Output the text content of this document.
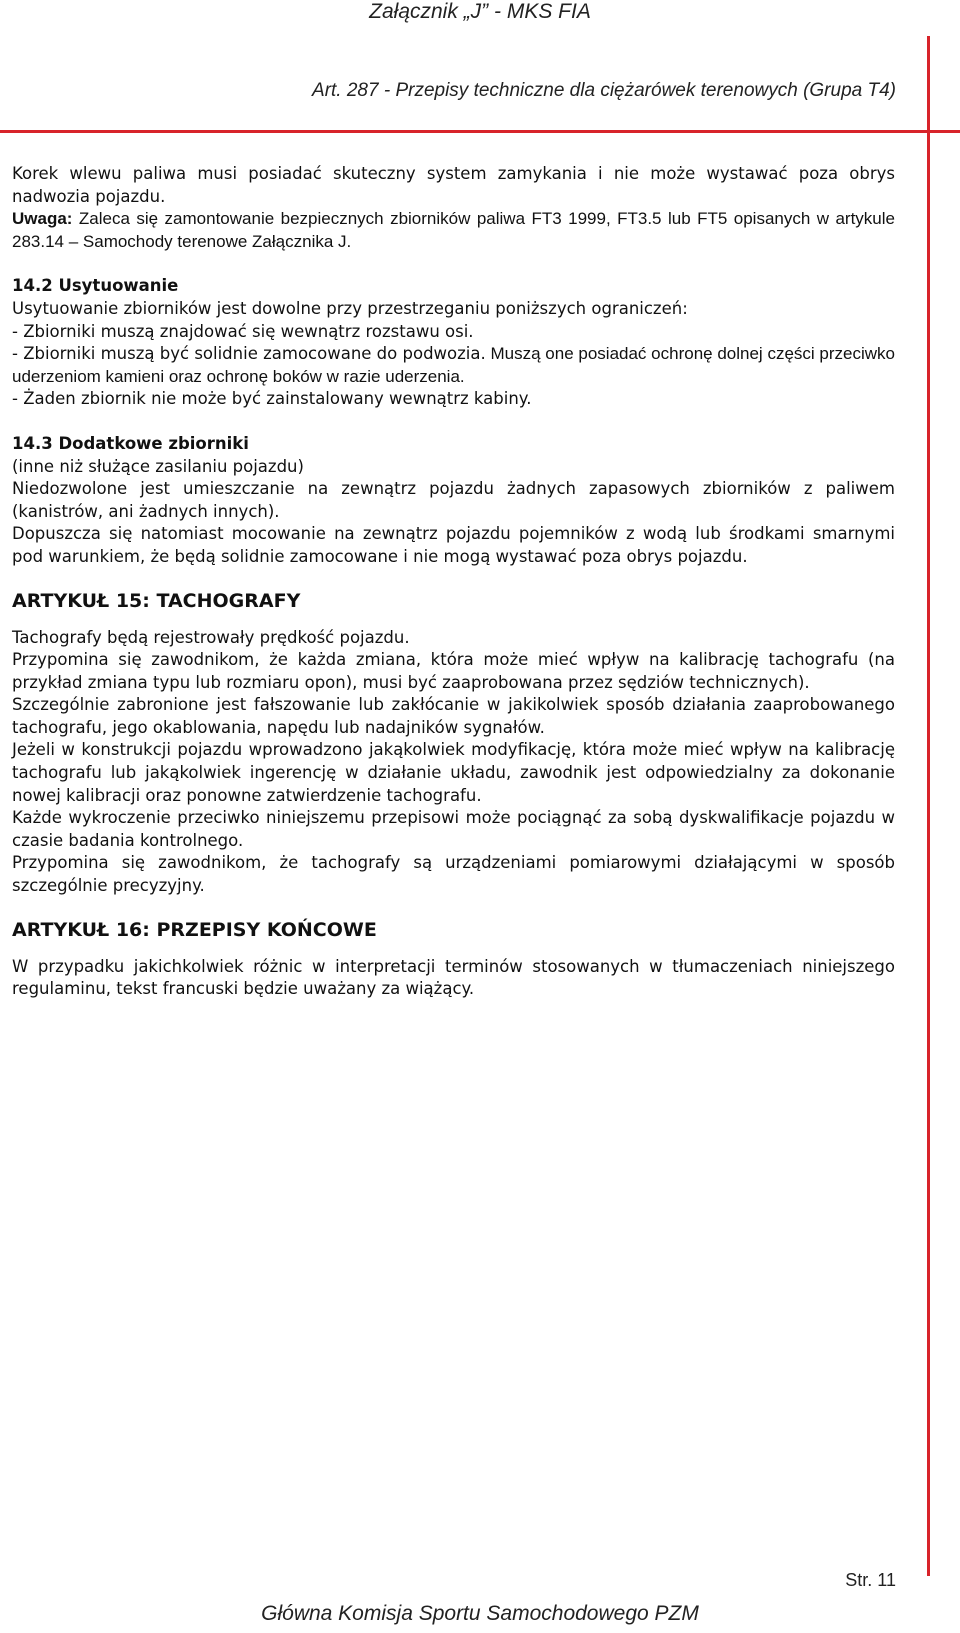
Załącznik „J” - MKS FIA
Art. 287 - Przepisy techniczne dla ciężarówek terenowych (Grupa T4)

Korek wlewu paliwa musi posiadać skuteczny system zamykania i nie może wystawać poza obrys nadwozia pojazdu.

Uwaga: Zaleca się zamontowanie bezpiecznych zbiorników paliwa FT3 1999, FT3.5 lub FT5 opisanych w artykule 283.14 – Samochody terenowe Załącznika J.

14.2 Usytuowanie

Usytuowanie zbiorników jest dowolne przy przestrzeganiu poniższych ograniczeń:

- Zbiorniki muszą znajdować się wewnątrz rozstawu osi.

- Zbiorniki muszą być solidnie zamocowane do podwozia. Muszą one posiadać ochronę dolnej części przeciwko uderzeniom kamieni oraz ochronę boków w razie uderzenia.

- Żaden zbiornik nie może być zainstalowany wewnątrz kabiny.

14.3 Dodatkowe zbiorniki

(inne niż służące zasilaniu pojazdu)

Niedozwolone jest umieszczanie na zewnątrz pojazdu żadnych zapasowych zbiorników z paliwem (kanistrów, ani żadnych innych).

Dopuszcza się natomiast mocowanie na zewnątrz pojazdu pojemników z wodą lub środkami smarnymi pod warunkiem, że będą solidnie zamocowane i nie mogą wystawać poza obrys pojazdu.

ARTYKUŁ 15: TACHOGRAFY

Tachografy będą rejestrowały prędkość pojazdu.

Przypomina się zawodnikom, że każda zmiana, która może mieć wpływ na kalibrację tachografu (na przykład zmiana typu lub rozmiaru opon), musi być zaaprobowana przez sędziów technicznych).

Szczególnie zabronione jest fałszowanie lub zakłócanie w jakikolwiek sposób działania zaaprobowanego tachografu, jego okablowania, napędu lub nadajników sygnałów.

Jeżeli w konstrukcji pojazdu wprowadzono jakąkolwiek modyfikację, która może mieć wpływ na kalibrację tachografu lub jakąkolwiek ingerencję w działanie układu, zawodnik jest odpowiedzialny za dokonanie nowej kalibracji oraz ponowne zatwierdzenie tachografu.

Każde wykroczenie przeciwko niniejszemu przepisowi może pociągnąć za sobą dyskwalifikacje pojazdu w czasie badania kontrolnego.

Przypomina się zawodnikom, że tachografy są urządzeniami pomiarowymi działającymi w sposób szczególnie precyzyjny.

ARTYKUŁ 16: PRZEPISY KOŃCOWE

W przypadku jakichkolwiek różnic w interpretacji terminów stosowanych w tłumaczeniach niniejszego regulaminu, tekst francuski będzie uważany za wiążący.

Str. 11
Główna Komisja Sportu Samochodowego PZM
